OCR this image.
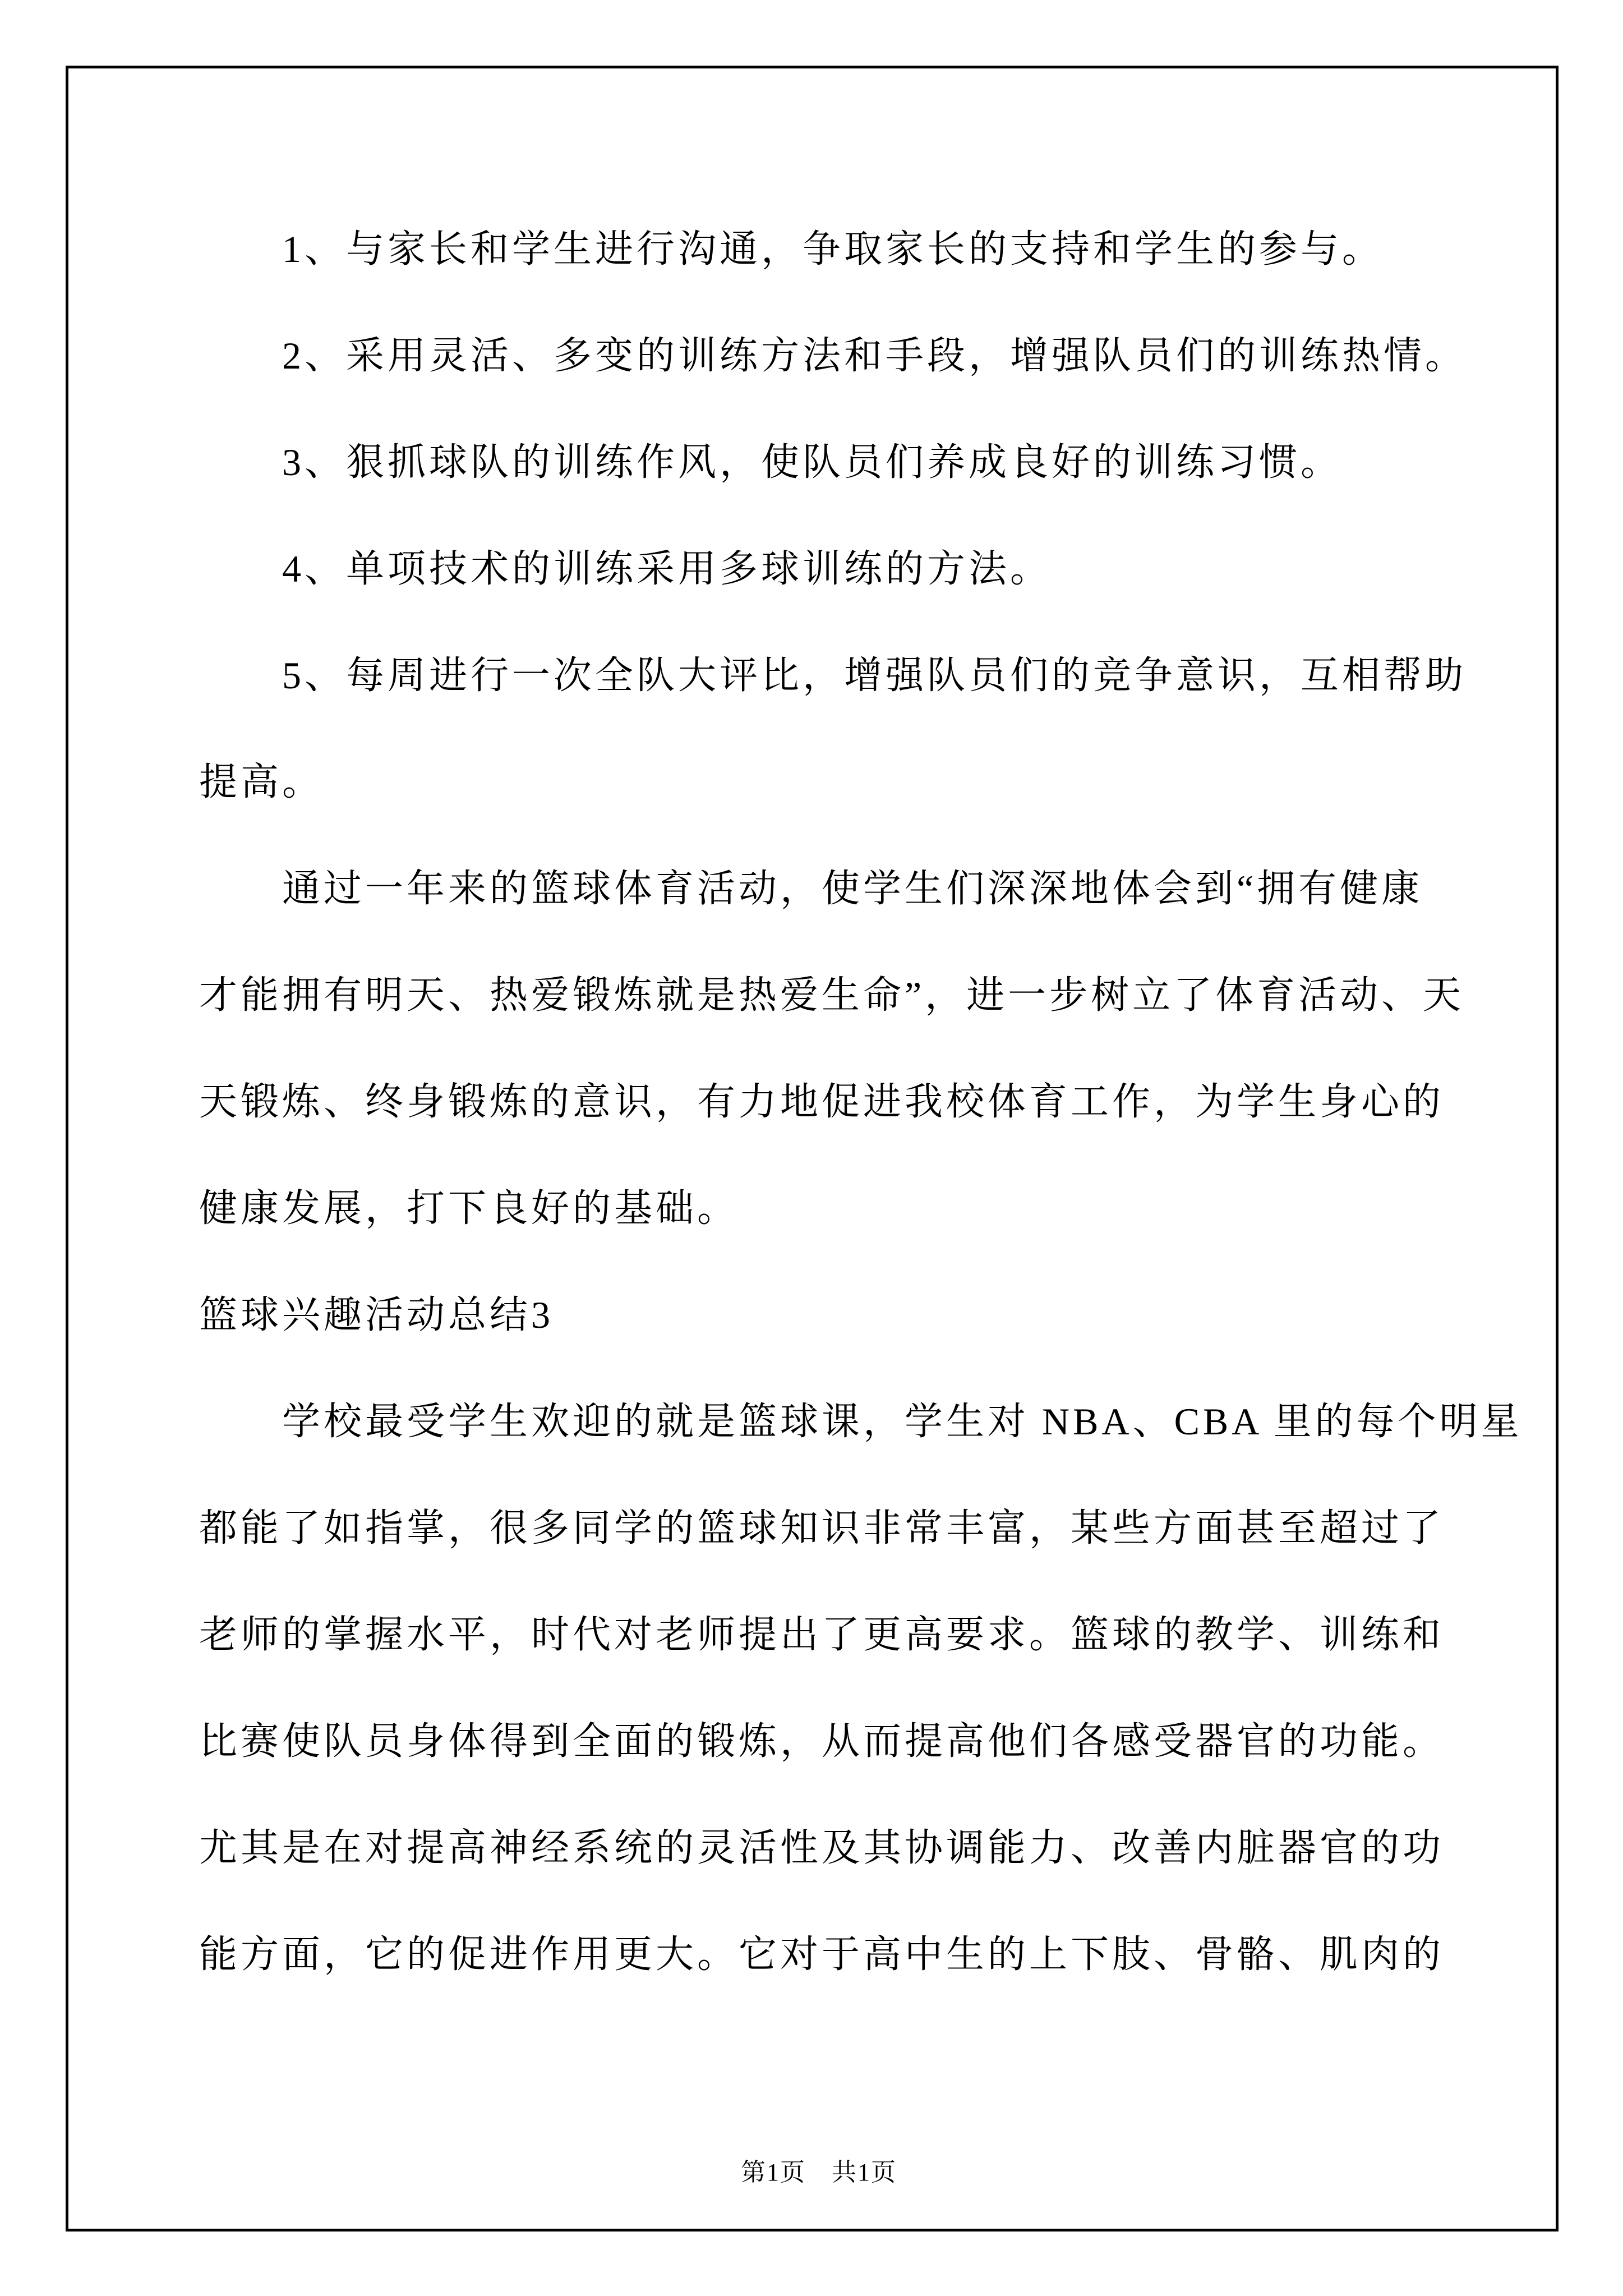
1、与家长和学生进行沟通，争取家长的支持和学生的参与。
2、采用灵活、多变的训练方法和手段，增强队员们的训练热情。
3、狠抓球队的训练作风，使队员们养成良好的训练习惯。
4、单项技术的训练采用多球训练的方法。
5、每周进行一次全队大评比，增强队员们的竞争意识，互相帮助
提高。
通过一年来的篮球体育活动，使学生们深深地体会到“拥有健康
才能拥有明天、热爱锻炼就是热爱生命”，进一步树立了体育活动、天
天锻炼、终身锻炼的意识，有力地促进我校体育工作，为学生身心的
健康发展，打下良好的基础。
篮球兴趣活动总结3
学校最受学生欢迎的就是篮球课，学生对 NBA、CBA 里的每个明星
都能了如指掌，很多同学的篮球知识非常丰富，某些方面甚至超过了
老师的掌握水平，时代对老师提出了更高要求。篮球的教学、训练和
比赛使队员身体得到全面的锻炼，从而提高他们各感受器官的功能。
尤其是在对提高神经系统的灵活性及其协调能力、改善内脏器官的功
能方面，它的促进作用更大。它对于高中生的上下肢、骨骼、肌肉的

第1页　共1页
